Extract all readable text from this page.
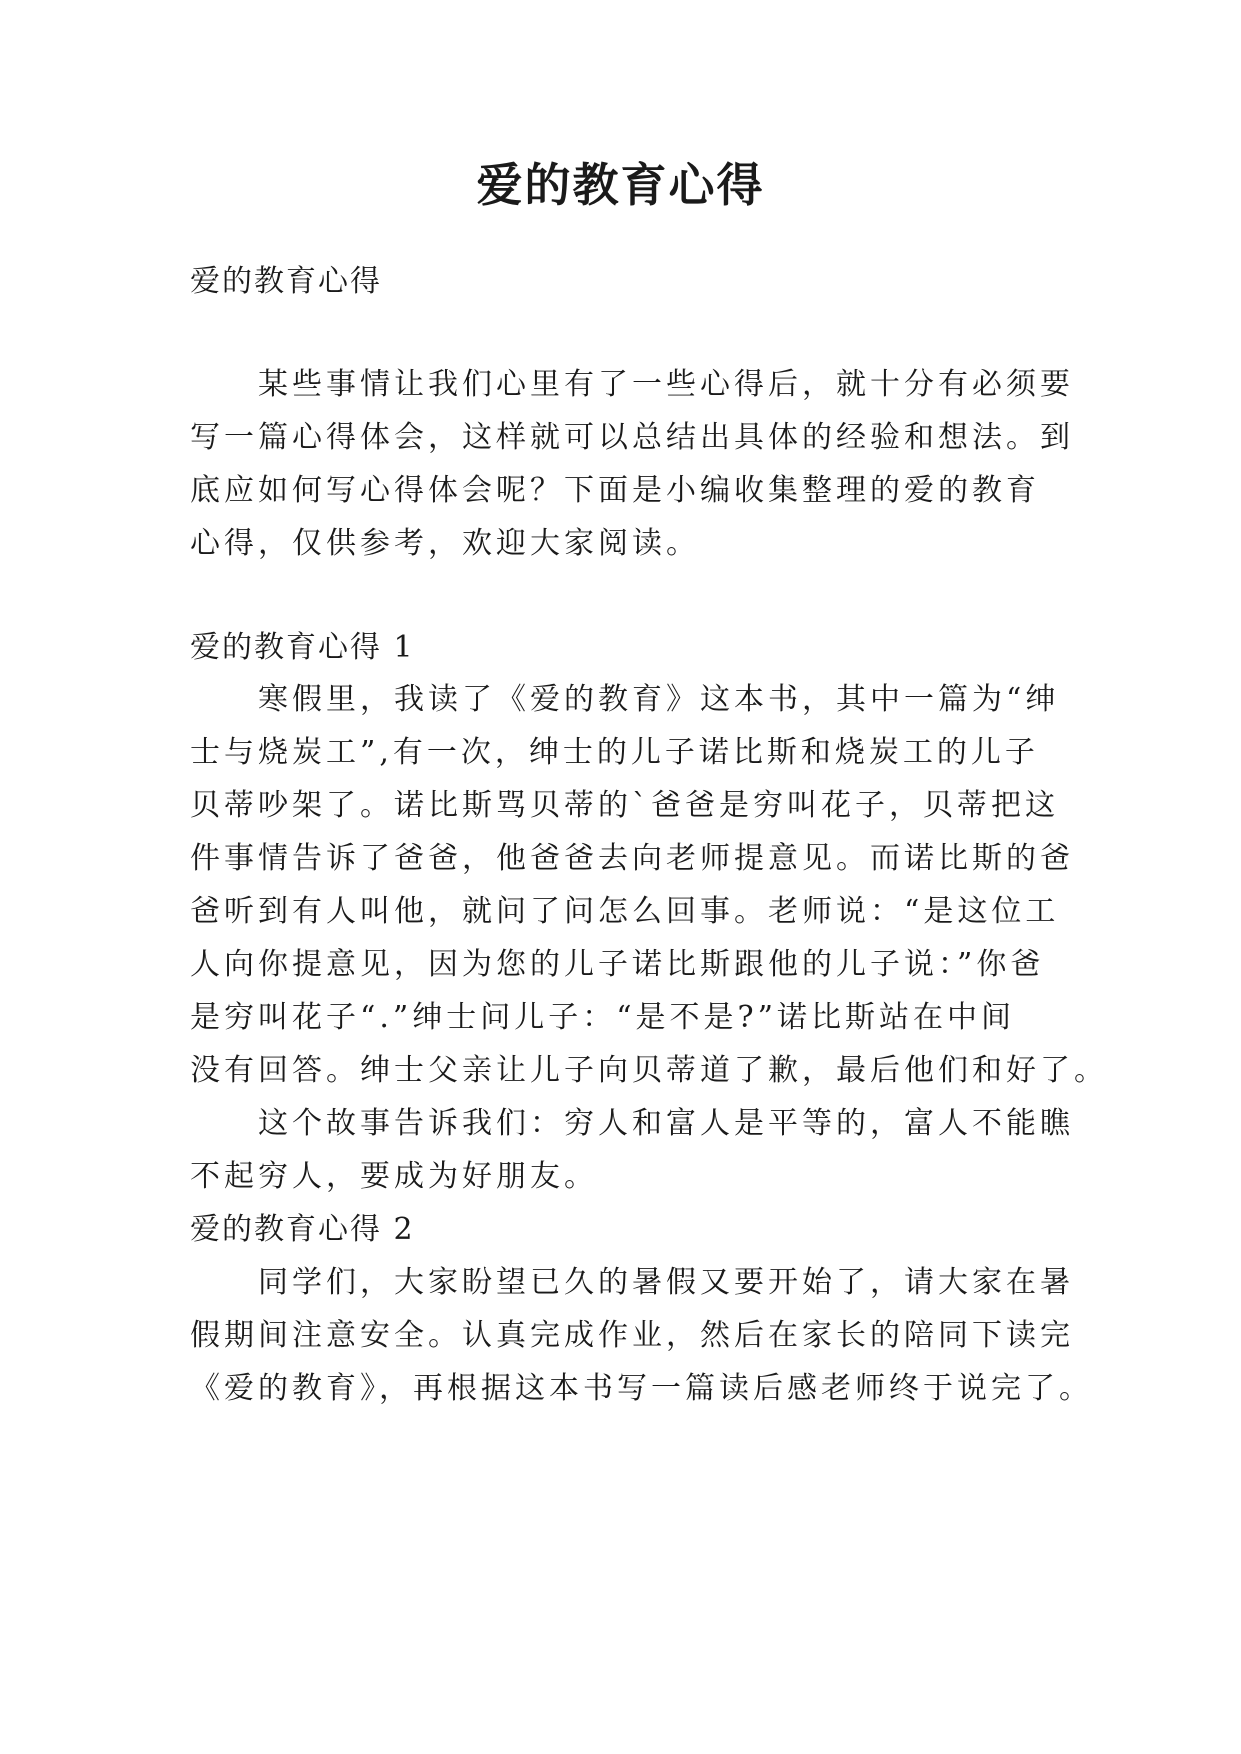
爱的教育心得
爱的教育心得
某些事情让我们心里有了一些心得后，就十分有必须要
写一篇心得体会，这样就可以总结出具体的经验和想法。到
底应如何写心得体会呢？下面是小编收集整理的爱的教育
心得，仅供参考，欢迎大家阅读。
爱的教育心得 1
寒假里，我读了《爱的教育》这本书，其中一篇为“绅
士与烧炭工”,有一次，绅士的儿子诺比斯和烧炭工的儿子
贝蒂吵架了。诺比斯骂贝蒂的`爸爸是穷叫花子，贝蒂把这
件事情告诉了爸爸，他爸爸去向老师提意见。而诺比斯的爸
爸听到有人叫他，就问了问怎么回事。老师说：“是这位工
人向你提意见，因为您的儿子诺比斯跟他的儿子说：”你爸
是穷叫花子“.”绅士问儿子：“是不是?”诺比斯站在中间
没有回答。绅士父亲让儿子向贝蒂道了歉，最后他们和好了。
这个故事告诉我们：穷人和富人是平等的，富人不能瞧
不起穷人，要成为好朋友。
爱的教育心得 2
同学们，大家盼望已久的暑假又要开始了，请大家在暑
假期间注意安全。认真完成作业，然后在家长的陪同下读完
《爱的教育》，再根据这本书写一篇读后感老师终于说完了。
